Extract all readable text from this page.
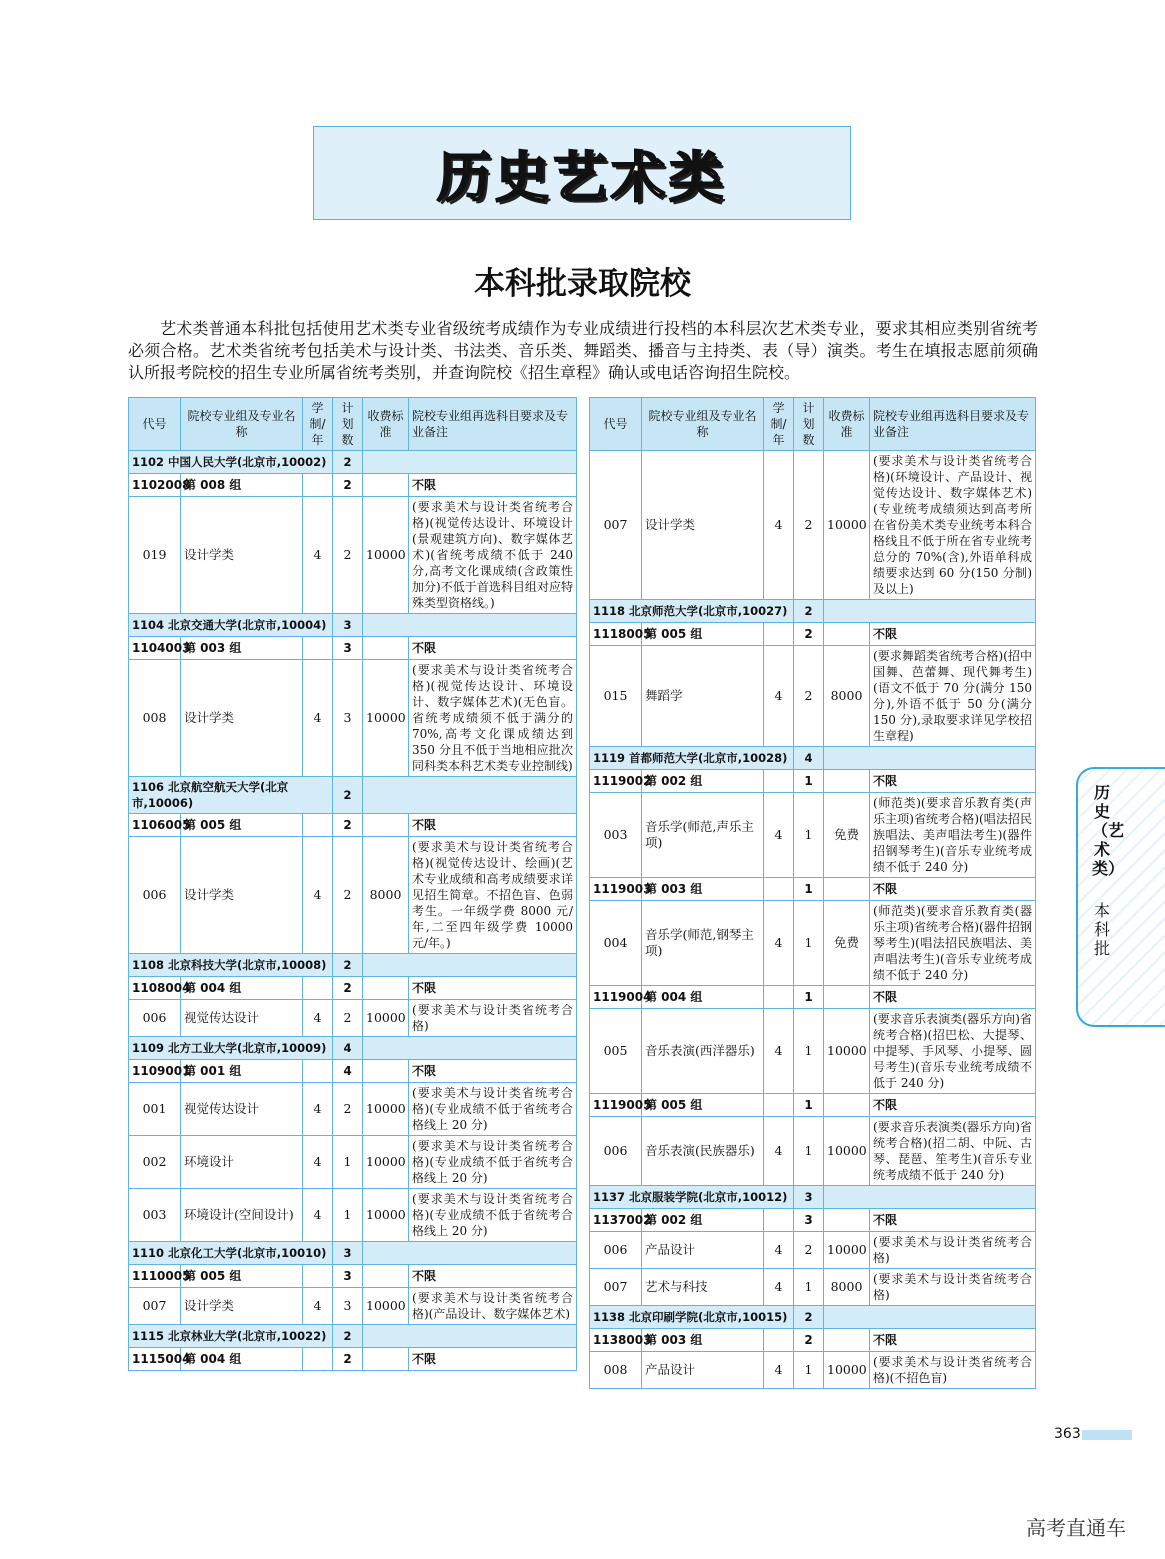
历史艺术类
本科批录取院校
艺术类普通本科批包括使用艺术类专业省级统考成绩作为专业成绩进行投档的本科层次艺术类专业，要求其相应类别省统考必须合格。艺术类省统考包括美术与设计类、书法类、音乐类、舞蹈类、播音与主持类、表（导）演类。考生在填报志愿前须确认所报考院校的招生专业所属省统考类别，并查询院校《招生章程》确认或电话咨询招生院校。
代号	院校专业组及专业名称	学制/年	计划数	收费标准	院校专业组再选科目要求及专业备注
1102 中国人民大学(北京市,10002)			2		
1102008	第 008 组		2		不限
019	设计学类	4	2	10000	(要求美术与设计类省统考合格)(视觉传达设计、环境设计(景观建筑方向)、数字媒体艺术)(省统考成绩不低于 240 分,高考文化课成绩(含政策性加分)不低于首选科目组对应特殊类型资格线。)
1104 北京交通大学(北京市,10004)			3		
1104003	第 003 组		3		不限
008	设计学类	4	3	10000	(要求美术与设计类省统考合格)(视觉传达设计、环境设计、数字媒体艺术)(无色盲。省统考成绩须不低于满分的 70%,高考文化课成绩达到 350 分且不低于当地相应批次同科类本科艺术类专业控制线)
1106 北京航空航天大学(北京市,10006)			2		
1106005	第 005 组		2		不限
006	设计学类	4	2	8000	(要求美术与设计类省统考合格)(视觉传达设计、绘画)(艺术专业成绩和高考成绩要求详见招生简章。不招色盲、色弱考生。一年级学费 8000 元/年,二至四年级学费 10000 元/年。)
1108 北京科技大学(北京市,10008)			2		
1108004	第 004 组		2		不限
006	视觉传达设计	4	2	10000	(要求美术与设计类省统考合格)
1109 北方工业大学(北京市,10009)			4		
1109001	第 001 组		4		不限
001	视觉传达设计	4	2	10000	(要求美术与设计类省统考合格)(专业成绩不低于省统考合格线上 20 分)
002	环境设计	4	1	10000	(要求美术与设计类省统考合格)(专业成绩不低于省统考合格线上 20 分)
003	环境设计(空间设计)	4	1	10000	(要求美术与设计类省统考合格)(专业成绩不低于省统考合格线上 20 分)
1110 北京化工大学(北京市,10010)			3		
1110005	第 005 组		3		不限
007	设计学类	4	3	10000	(要求美术与设计类省统考合格)(产品设计、数字媒体艺术)
1115 北京林业大学(北京市,10022)			2		
1115004	第 004 组		2		不限
代号	院校专业组及专业名称	学制/年	计划数	收费标准	院校专业组再选科目要求及专业备注
007	设计学类	4	2	10000	(要求美术与设计类省统考合格)(环境设计、产品设计、视觉传达设计、数字媒体艺术)(专业统考成绩须达到高考所在省份美术类专业统考本科合格线且不低于所在省专业统考总分的 70%(含),外语单科成绩要求达到 60 分(150 分制)及以上)
1118 北京师范大学(北京市,10027)			2		
1118005	第 005 组		2		不限
015	舞蹈学	4	2	8000	(要求舞蹈类省统考合格)(招中国舞、芭蕾舞、现代舞考生)(语文不低于 70 分(满分 150 分),外语不低于 50 分(满分 150 分),录取要求详见学校招生章程)
1119 首都师范大学(北京市,10028)			4		
1119002	第 002 组		1		不限
003	音乐学(师范,声乐主项)	4	1	免费	(师范类)(要求音乐教育类(声乐主项)省统考合格)(唱法招民族唱法、美声唱法考生)(器件招钢琴考生)(音乐专业统考成绩不低于 240 分)
1119003	第 003 组		1		不限
004	音乐学(师范,钢琴主项)	4	1	免费	(师范类)(要求音乐教育类(器乐主项)省统考合格)(器件招钢琴考生)(唱法招民族唱法、美声唱法考生)(音乐专业统考成绩不低于 240 分)
1119004	第 004 组		1		不限
005	音乐表演(西洋器乐)	4	1	10000	(要求音乐表演类(器乐方向)省统考合格)(招巴松、大提琴、中提琴、手风琴、小提琴、圆号考生)(音乐专业统考成绩不低于 240 分)
1119005	第 005 组		1		不限
006	音乐表演(民族器乐)	4	1	10000	(要求音乐表演类(器乐方向)省统考合格)(招二胡、中阮、古琴、琵琶、笙考生)(音乐专业统考成绩不低于 240 分)
1137 北京服装学院(北京市,10012)			3		
1137002	第 002 组		3		不限
006	产品设计	4	2	10000	(要求美术与设计类省统考合格)
007	艺术与科技	4	1	8000	(要求美术与设计类省统考合格)
1138 北京印刷学院(北京市,10015)			2		
1138003	第 003 组		2		不限
008	产品设计	4	1	10000	(要求美术与设计类省统考合格)(不招色盲)
历史（艺术类）
本科批
363
高考直通车
